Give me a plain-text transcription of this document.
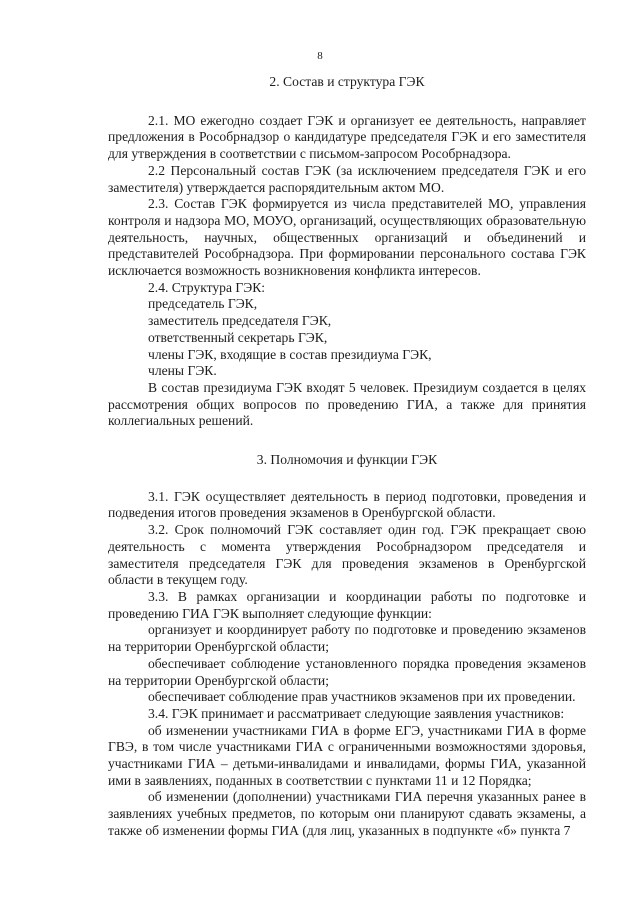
8
2. Состав и структура ГЭК

2.1. МО ежегодно создает ГЭК и организует ее деятельность, направляет предложения в Рособрнадзор о кандидатуре председателя ГЭК и его заместителя для утверждения в соответствии с письмом-запросом Рособрнадзора.

2.2 Персональный состав ГЭК (за исключением председателя ГЭК и его заместителя) утверждается распорядительным актом МО.

2.3. Состав ГЭК формируется из числа представителей МО, управления контроля и надзора МО, МОУО, организаций, осуществляющих образовательную деятельность, научных, общественных организаций и объединений и представителей Рособрнадзора. При формировании персонального состава ГЭК исключается возможность возникновения конфликта интересов.

2.4. Структура ГЭК:

председатель ГЭК,

заместитель председателя ГЭК,

ответственный секретарь ГЭК,

члены ГЭК, входящие в состав президиума ГЭК,

члены ГЭК.

В состав президиума ГЭК входят 5 человек. Президиум создается в целях рассмотрения общих вопросов по проведению ГИА, а также для принятия коллегиальных решений.

3. Полномочия и функции ГЭК

3.1. ГЭК осуществляет деятельность в период подготовки, проведения и подведения итогов проведения экзаменов в Оренбургской области.

3.2. Срок полномочий ГЭК составляет один год. ГЭК прекращает свою деятельность с момента утверждения Рособрнадзором председателя и заместителя председателя ГЭК для проведения экзаменов в Оренбургской области в текущем году.

3.3. В рамках организации и координации работы по подготовке и проведению ГИА ГЭК выполняет следующие функции:

организует и координирует работу по подготовке и проведению экзаменов на территории Оренбургской области;

обеспечивает соблюдение установленного порядка проведения экзаменов на территории Оренбургской области;

обеспечивает соблюдение прав участников экзаменов при их проведении.

3.4. ГЭК принимает и рассматривает следующие заявления участников:

об изменении участниками ГИА в форме ЕГЭ, участниками ГИА в форме ГВЭ, в том числе участниками ГИА с ограниченными возможностями здоровья, участниками ГИА – детьми-инвалидами и инвалидами, формы ГИА, указанной ими в заявлениях, поданных в соответствии с пунктами 11 и 12 Порядка;

об изменении (дополнении) участниками ГИА перечня указанных ранее в заявлениях учебных предметов, по которым они планируют сдавать экзамены, а также об изменении формы ГИА (для лиц, указанных в подпункте «б» пункта 7
